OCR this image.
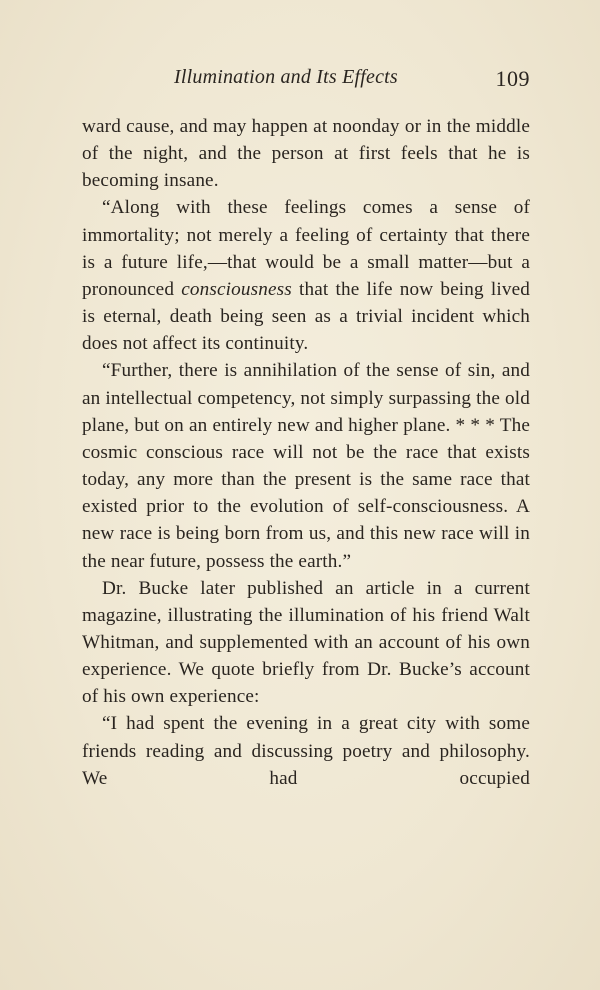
Illumination and Its Effects	109

ward cause, and may happen at noonday or in the middle of the night, and the person at first feels that he is becoming insane.

“Along with these feelings comes a sense of immortality; not merely a feeling of certainty that there is a future life,—that would be a small matter—but a pronounced consciousness that the life now being lived is eternal, death being seen as a trivial incident which does not affect its continuity.

“Further, there is annihilation of the sense of sin, and an intellectual competency, not simply surpassing the old plane, but on an entirely new and higher plane. * * * The cosmic conscious race will not be the race that exists today, any more than the present is the same race that existed prior to the evolution of self-consciousness. A new race is being born from us, and this new race will in the near future, possess the earth.”

Dr. Bucke later published an article in a current magazine, illustrating the illumination of his friend Walt Whitman, and supplemented with an account of his own experience. We quote briefly from Dr. Bucke’s account of his own experience:

“I had spent the evening in a great city with some friends reading and discussing poetry and philosophy. We had occupied
